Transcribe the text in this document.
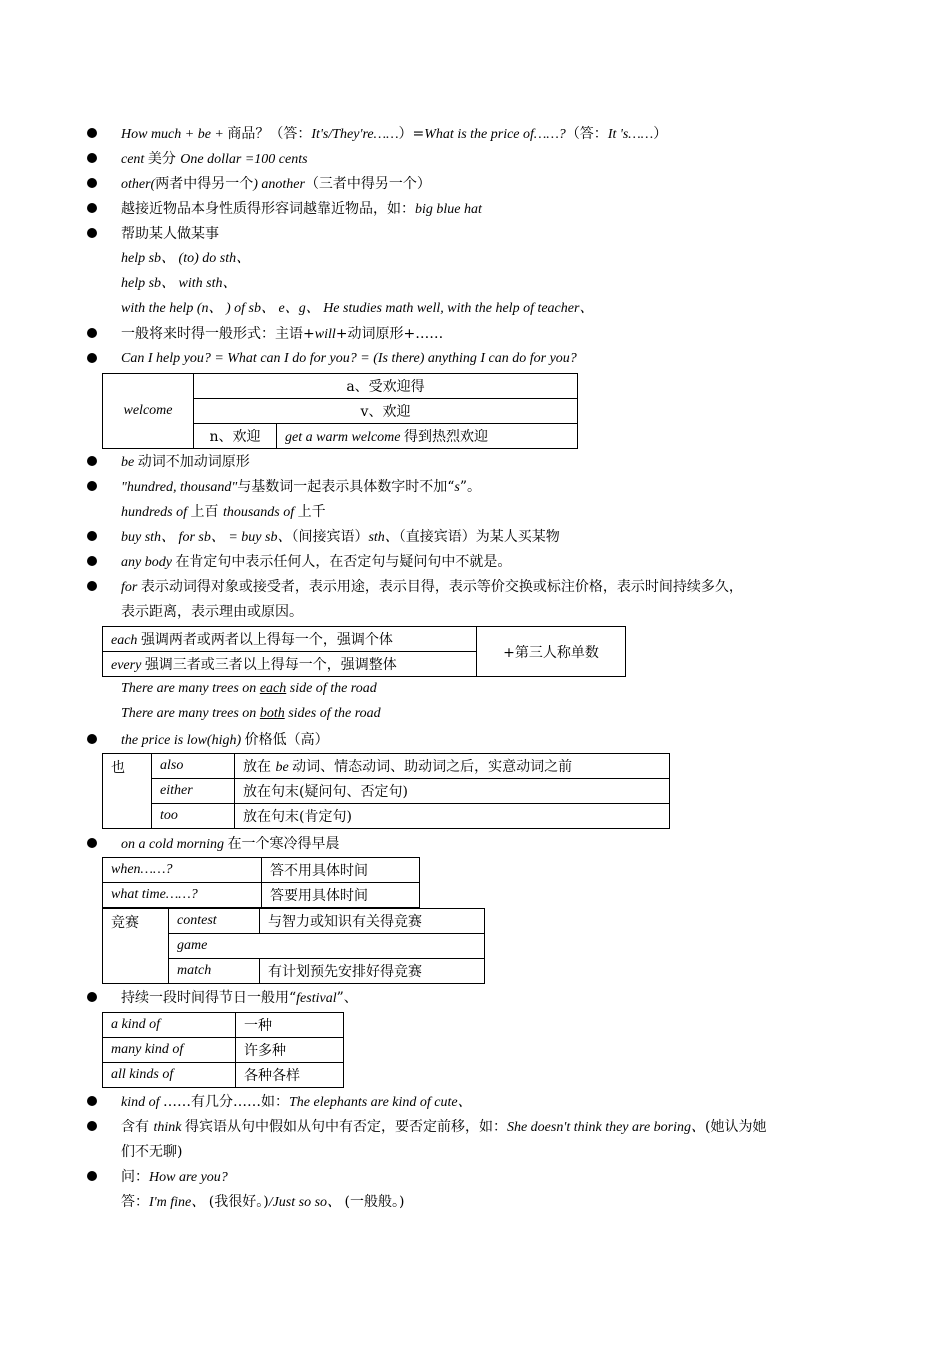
How much + be + 商品？（答：It's/They're……）=What is the price of……?（答：It 's……）
cent 美分 One dollar =100 cents
other(两者中得另一个) another（三者中得另一个）
越接近物品本身性质得形容词越靠近物品，如：big blue hat
帮助某人做某事
help sb、 (to) do sth、
help sb、 with sth、
with the help (n、 ) of sb、 e、g、 He studies math well, with the help of teacher、
一般将来时得一般形式：主语+will+动词原形+……
Can I help you? = What can I do for you? = (Is there) anything I can do for you?
welcome	a、受欢迎得	
	v、欢迎	
	n、欢迎	get a warm welcome 得到热烈欢迎
be 动词不加动词原形
"hundred, thousand"与基数词一起表示具体数字时不加“s”。
hundreds of 上百 thousands of 上千
buy sth、 for sb、 = buy sb、（间接宾语）sth、（直接宾语）为某人买某物
any body 在肯定句中表示任何人，在否定句与疑问句中不就是。
for 表示动词得对象或接受者，表示用途，表示目得，表示等价交换或标注价格，表示时间持续多久，
表示距离，表示理由或原因。
each 强调两者或两者以上得每一个，强调个体	+第三人称单数
every 强调三者或三者以上得每一个，强调整体
There are many trees on each side of the road
There are many trees on both sides of the road
the price is low(high) 价格低（高）
也	also	放在 be 动词、情态动词、助动词之后，实意动词之前
	either	放在句末(疑问句、否定句)
	too	放在句末(肯定句)
on a cold morning 在一个寒冷得早晨
when……?	答不用具体时间
what time……?	答要用具体时间
竞赛	contest	与智力或知识有关得竞赛
	game	
	match	有计划预先安排好得竞赛
持续一段时间得节日一般用“festival”、
a kind of	一种
many kind of	许多种
all kinds of	各种各样
kind of ……有几分……如：The elephants are kind of cute、
含有 think 得宾语从句中假如从句中有否定，要否定前移，如：She doesn't think they are boring、(她认为她
们不无聊)
问：How are you?
答：I'm fine、 (我很好。)/Just so so、 (一般般。)
